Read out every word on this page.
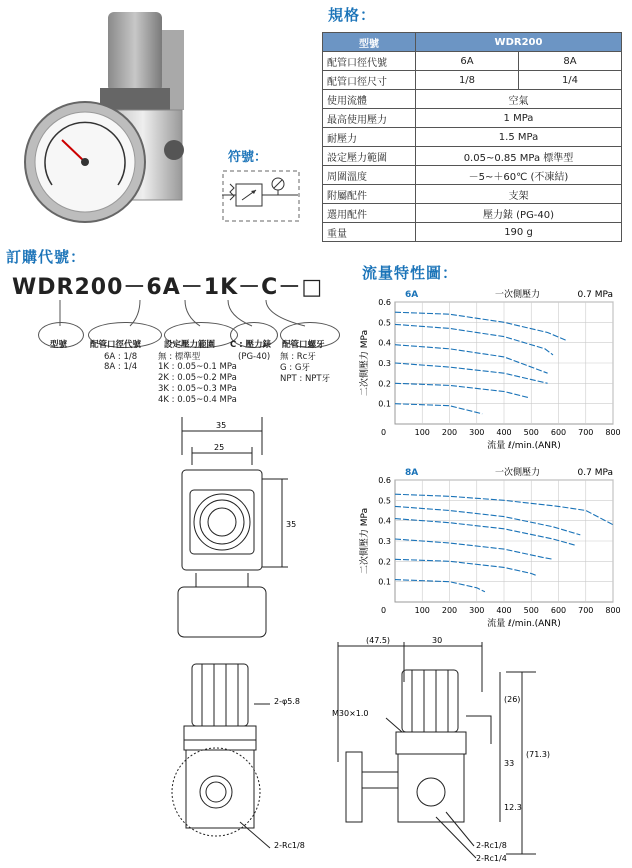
規格：
型號	WDR200	
配管口徑代號	6A	8A
配管口徑尺寸	1/8	1/4
使用流體	空氣	
最高使用壓力	1 MPa	
耐壓力	1.5 MPa	
設定壓力範圍	0.05~0.85 MPa 標準型	
周圍溫度	－5~＋60℃ (不凍結)	
附屬配件	支架	
選用配件	壓力錶 (PG-40)	
重量	190 g	
符號：
訂購代號：
WDR200－6A－1K－C－□
型號	配管口徑代號
6A : 1/8
8A : 1/4
設定壓力範圍
無 : 標準型
1K : 0.05~0.1 MPa
2K : 0.05~0.2 MPa
3K : 0.05~0.3 MPa
4K : 0.05~0.4 MPa
C : 壓力錶
(PG-40)
配管口螺牙
無 : Rc牙
G : G牙
NPT : NPT牙
流量特性圖：
0.1
0.2
0.3
0.4
0.5
0.6
100 200 300 400 500 600 700 800
0
6A	一次側壓力	0.7 MPa
流量 ℓ/min.(ANR)
二次側壓力 MPa
0.1
0.2
0.3
0.4
0.5
0.6
100 200 300 400 500 600 700 800
0
8A	一次側壓力	0.7 MPa
流量 ℓ/min.(ANR)
二次側壓力 MPa
35
25
35
2-φ5.8
2-Rc1/8
(47.5)	30
M30×1.0
(26)
(71.3)
33
12.3
2-Rc1/8
2-Rc1/4
